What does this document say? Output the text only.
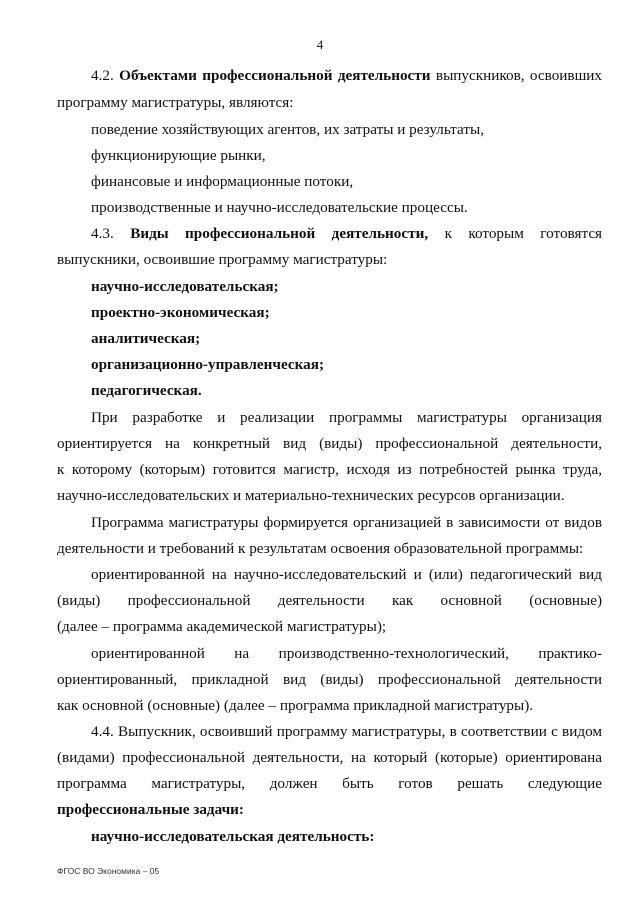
4
4.2. Объектами профессиональной деятельности выпускников, освоивших
программу магистратуры, являются:
поведение хозяйствующих агентов, их затраты и результаты,
функционирующие рынки,
финансовые и информационные потоки,
производственные и научно-исследовательские процессы.
4.3. Виды профессиональной деятельности, к которым готовятся
выпускники, освоившие программу магистратуры:
научно-исследовательская;
проектно-экономическая;
аналитическая;
организационно-управленческая;
педагогическая.
При разработке и реализации программы магистратуры организация
ориентируется на конкретный вид (виды) профессиональной деятельности,
к которому (которым) готовится магистр, исходя из потребностей рынка труда,
научно-исследовательских и материально-технических ресурсов организации.
Программа магистратуры формируется организацией в зависимости от видов
деятельности и требований к результатам освоения образовательной программы:
ориентированной на научно-исследовательский и (или) педагогический вид
(виды) профессиональной деятельности как основной (основные)
(далее – программа академической магистратуры);
ориентированной на производственно-технологический, практико-
ориентированный, прикладной вид (виды) профессиональной деятельности
как основной (основные) (далее – программа прикладной магистратуры).
4.4. Выпускник, освоивший программу магистратуры, в соответствии с видом
(видами) профессиональной деятельности, на который (которые) ориентирована
программа магистратуры, должен быть готов решать следующие
профессиональные задачи:
научно-исследовательская деятельность:
ФГОС ВО Экономика – 05
